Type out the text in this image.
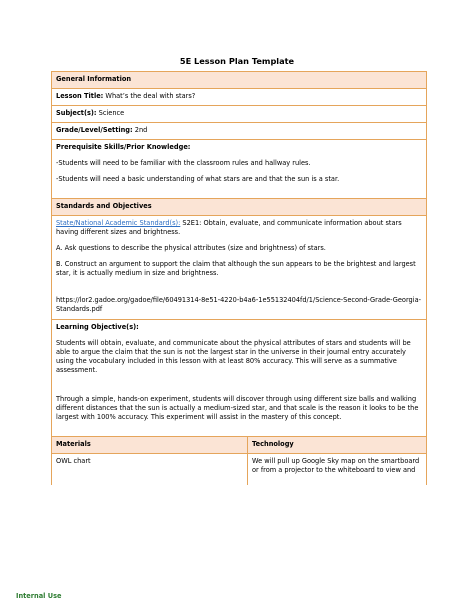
5E Lesson Plan Template
General Information
Lesson Title: What’s the deal with stars?
Subject(s): Science
Grade/Level/Setting: 2nd
Prerequisite Skills/Prior Knowledge:
-Students will need to be familiar with the classroom rules and hallway rules.
-Students will need a basic understanding of what stars are and that the sun is a star.
Standards and Objectives
State/National Academic Standard(s): S2E1: Obtain, evaluate, and communicate information about stars having different sizes and brightness.
A. Ask questions to describe the physical attributes (size and brightness) of stars.
B. Construct an argument to support the claim that although the sun appears to be the brightest and largest star, it is actually medium in size and brightness.
https://lor2.gadoe.org/gadoe/file/60491314-8e51-4220-b4a6-1e55132404fd/1/Science-Second-Grade-Georgia-Standards.pdf
Learning Objective(s):
Students will obtain, evaluate, and communicate about the physical attributes of stars and students will be able to argue the claim that the sun is not the largest star in the universe in their journal entry accurately using the vocabulary included in this lesson with at least 80% accuracy. This will serve as a summative assessment.
Through a simple, hands-on experiment, students will discover through using different size balls and walking different distances that the sun is actually a medium-sized star, and that scale is the reason it looks to be the largest with 100% accuracy. This experiment will assist in the mastery of this concept.
Materials	Technology
OWL chart	We will pull up Google Sky map on the smartboard or from a projector to the whiteboard to view and
Internal Use
